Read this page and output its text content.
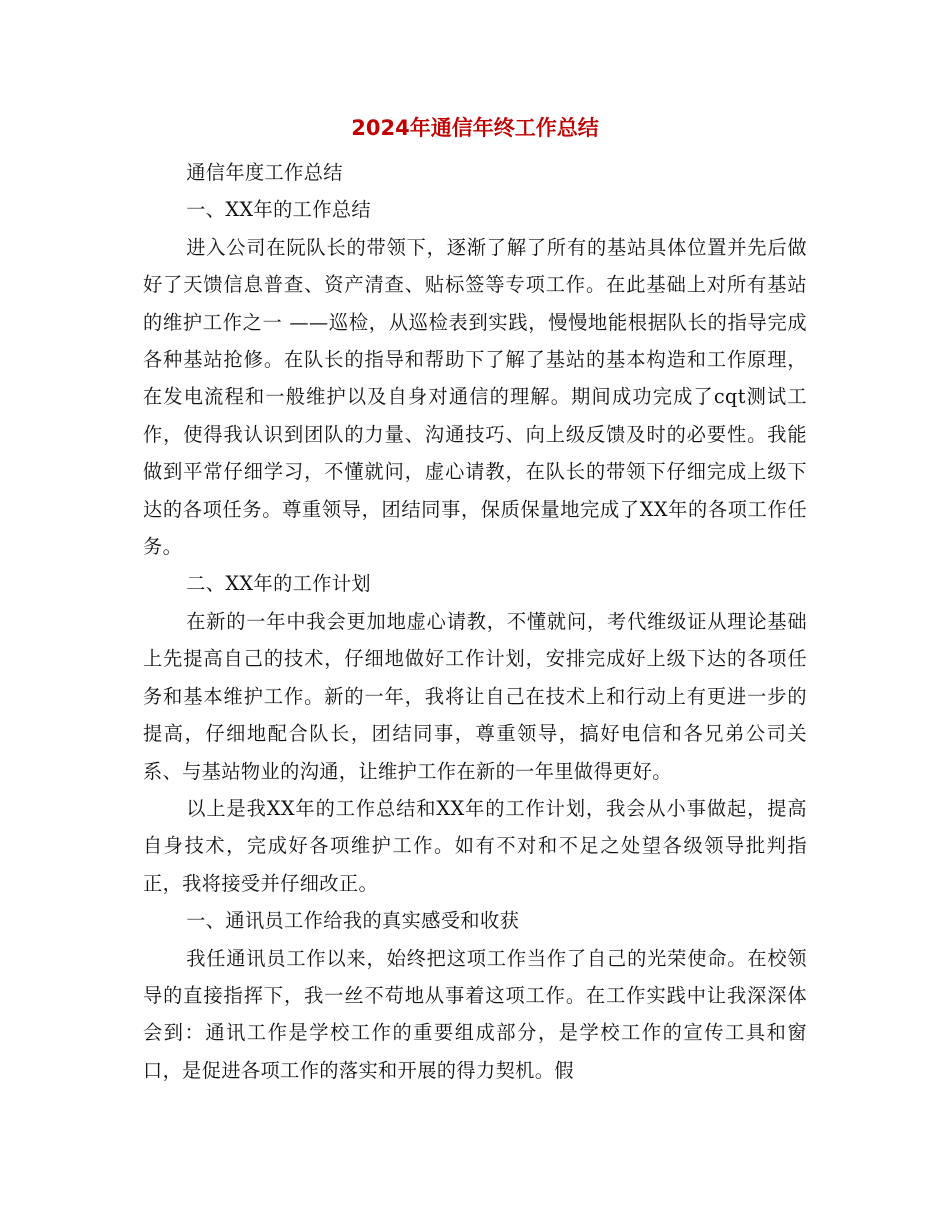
2024年通信年终工作总结

通信年度工作总结

一、XX年的工作总结

进入公司在阮队长的带领下，逐渐了解了所有的基站具体位置并先后做好了天馈信息普查、资产清查、贴标签等专项工作。在此基础上对所有基站的维护工作之一 ——巡检，从巡检表到实践，慢慢地能根据队长的指导完成各种基站抢修。在队长的指导和帮助下了解了基站的基本构造和工作原理，在发电流程和一般维护以及自身对通信的理解。期间成功完成了cqt测试工作，使得我认识到团队的力量、沟通技巧、向上级反馈及时的必要性。我能做到平常仔细学习，不懂就问，虚心请教，在队长的带领下仔细完成上级下达的各项任务。尊重领导，团结同事，保质保量地完成了XX年的各项工作任务。

二、XX年的工作计划

在新的一年中我会更加地虚心请教，不懂就问，考代维级证从理论基础上先提高自己的技术，仔细地做好工作计划，安排完成好上级下达的各项任务和基本维护工作。新的一年，我将让自己在技术上和行动上有更进一步的提高，仔细地配合队长，团结同事，尊重领导，搞好电信和各兄弟公司关系、与基站物业的沟通，让维护工作在新的一年里做得更好。

以上是我XX年的工作总结和XX年的工作计划，我会从小事做起，提高自身技术，完成好各项维护工作。如有不对和不足之处望各级领导批判指正，我将接受并仔细改正。

一、通讯员工作给我的真实感受和收获

我任通讯员工作以来，始终把这项工作当作了自己的光荣使命。在校领导的直接指挥下，我一丝不苟地从事着这项工作。在工作实践中让我深深体会到：通讯工作是学校工作的重要组成部分，是学校工作的宣传工具和窗口，是促进各项工作的落实和开展的得力契机。假
